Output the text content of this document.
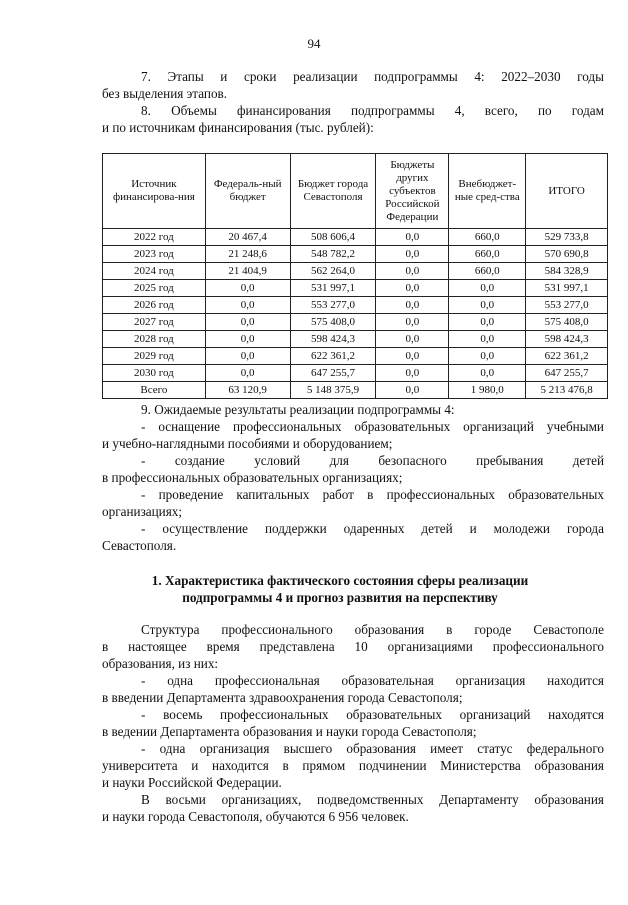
94
7. Этапы и сроки реализации подпрограммы 4: 2022–2030 годы
без выделения этапов.
8. Объемы финансирования подпрограммы 4, всего, по годам
и по источникам финансирования (тыс. рублей):
Источник финансирова-ния	Федераль-ный бюджет	Бюджет города Севастополя	Бюджеты других субъектов Российской Федерации	Внебюджет-ные сред-ства	ИТОГО
2022 год	20 467,4	508 606,4	0,0	660,0	529 733,8
2023 год	21 248,6	548 782,2	0,0	660,0	570 690,8
2024 год	21 404,9	562 264,0	0,0	660,0	584 328,9
2025 год	0,0	531 997,1	0,0	0,0	531 997,1
2026 год	0,0	553 277,0	0,0	0,0	553 277,0
2027 год	0,0	575 408,0	0,0	0,0	575 408,0
2028 год	0,0	598 424,3	0,0	0,0	598 424,3
2029 год	0,0	622 361,2	0,0	0,0	622 361,2
2030 год	0,0	647 255,7	0,0	0,0	647 255,7
Всего	63 120,9	5 148 375,9	0,0	1 980,0	5 213 476,8
9. Ожидаемые результаты реализации подпрограммы 4:
- оснащение профессиональных образовательных организаций учебными
и учебно-наглядными пособиями и оборудованием;
- создание условий для безопасного пребывания детей
в профессиональных образовательных организациях;
- проведение капитальных работ в профессиональных образовательных
организациях;
- осуществление поддержки одаренных детей и молодежи города
Севастополя.
1. Характеристика фактического состояния сферы реализации
подпрограммы 4 и прогноз развития на перспективу
Структура профессионального образования в городе Севастополе
в настоящее время представлена 10 организациями профессионального
образования, из них:
- одна профессиональная образовательная организация находится
в введении Департамента здравоохранения города Севастополя;
- восемь профессиональных образовательных организаций находятся
в ведении Департамента образования и науки города Севастополя;
- одна организация высшего образования имеет статус федерального
университета и находится в прямом подчинении Министерства образования
и науки Российской Федерации.
В восьми организациях, подведомственных Департаменту образования
и науки города Севастополя, обучаются 6 956 человек.
